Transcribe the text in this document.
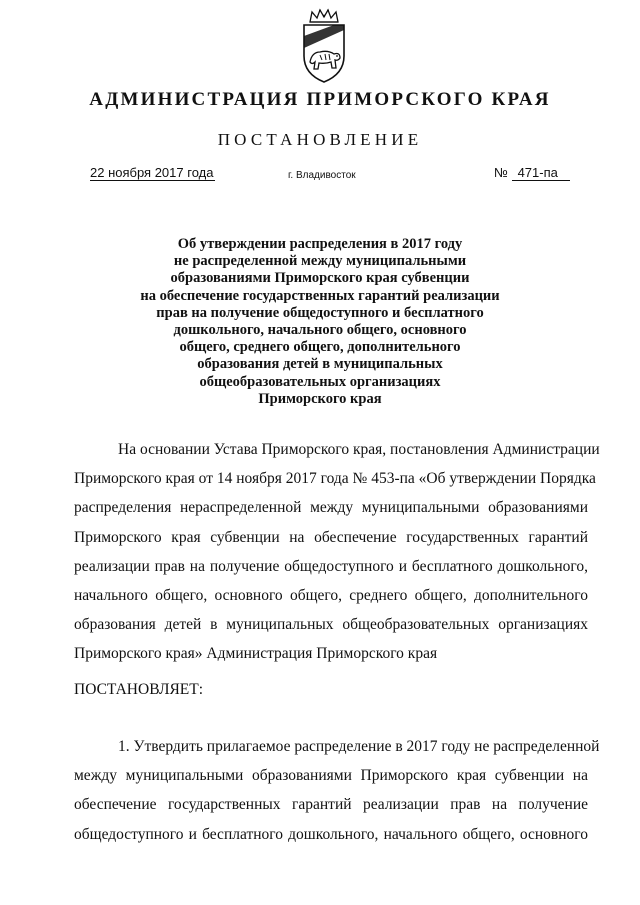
АДМИНИСТРАЦИЯ ПРИМОРСКОГО КРАЯ
ПОСТАНОВЛЕНИЕ
22 ноября 2017 года	г. Владивосток	№ 471-па
Об утверждении распределения в 2017 году
не распределенной между муниципальными
образованиями Приморского края субвенции
на обеспечение государственных гарантий реализации
прав на получение общедоступного и бесплатного
дошкольного, начального общего, основного
общего, среднего общего, дополнительного
образования детей в муниципальных
общеобразовательных организациях
Приморского края
На основании Устава Приморского края, постановления Администрации
Приморского края от 14 ноября 2017 года № 453-па «Об утверждении Порядка
распределения нераспределенной между муниципальными образованиями
Приморского края субвенции на обеспечение государственных гарантий
реализации прав на получение общедоступного и бесплатного дошкольного,
начального общего, основного общего, среднего общего, дополнительного
образования детей в муниципальных общеобразовательных организациях
Приморского края» Администрация Приморского края
ПОСТАНОВЛЯЕТ:
1. Утвердить прилагаемое распределение в 2017 году не распределенной
между муниципальными образованиями Приморского края субвенции на
обеспечение государственных гарантий реализации прав на получение
общедоступного и бесплатного дошкольного, начального общего, основного
